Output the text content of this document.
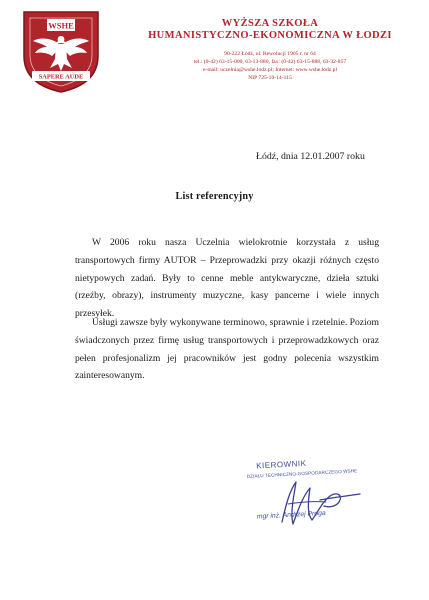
WSHE
SAPERE AUDE
WYŻSZA SZKOŁA
HUMANISTYCZNO-EKONOMICZNA W ŁODZI
90-222 Łódź, ul. Rewolucji 1905 r. nr 64
tel.: (0-42) 63-15-000, 63-13-880, fax: (0-42) 63-15-888, 63-32-857
e-mail: uczelnia@wshe.lodz.pl; Internet: www.wshe.lodz.pl
NIP 725-10-14-115
Łódź, dnia 12.01.2007 roku
List referencyjny

W 2006 roku nasza Uczelnia wielokrotnie korzystała z usług transportowych firmy AUTOR – Przeprowadzki przy okazji różnych często nietypowych zadań. Były to cenne meble antykwaryczne, dzieła sztuki (rzeźby, obrazy), instrumenty muzyczne, kasy pancerne i wiele innych przesyłek.

Usługi zawsze były wykonywane terminowo, sprawnie i rzetelnie. Poziom świadczonych przez firmę usług transportowych i przeprowadzkowych oraz pełen profesjonalizm jej pracowników jest godny polecenia wszystkim zainteresowanym.

KIEROWNIK
DZIAŁU TECHNICZNO-GOSPODARCZEGO WSHE
mgr inż. Andrzej Proga
